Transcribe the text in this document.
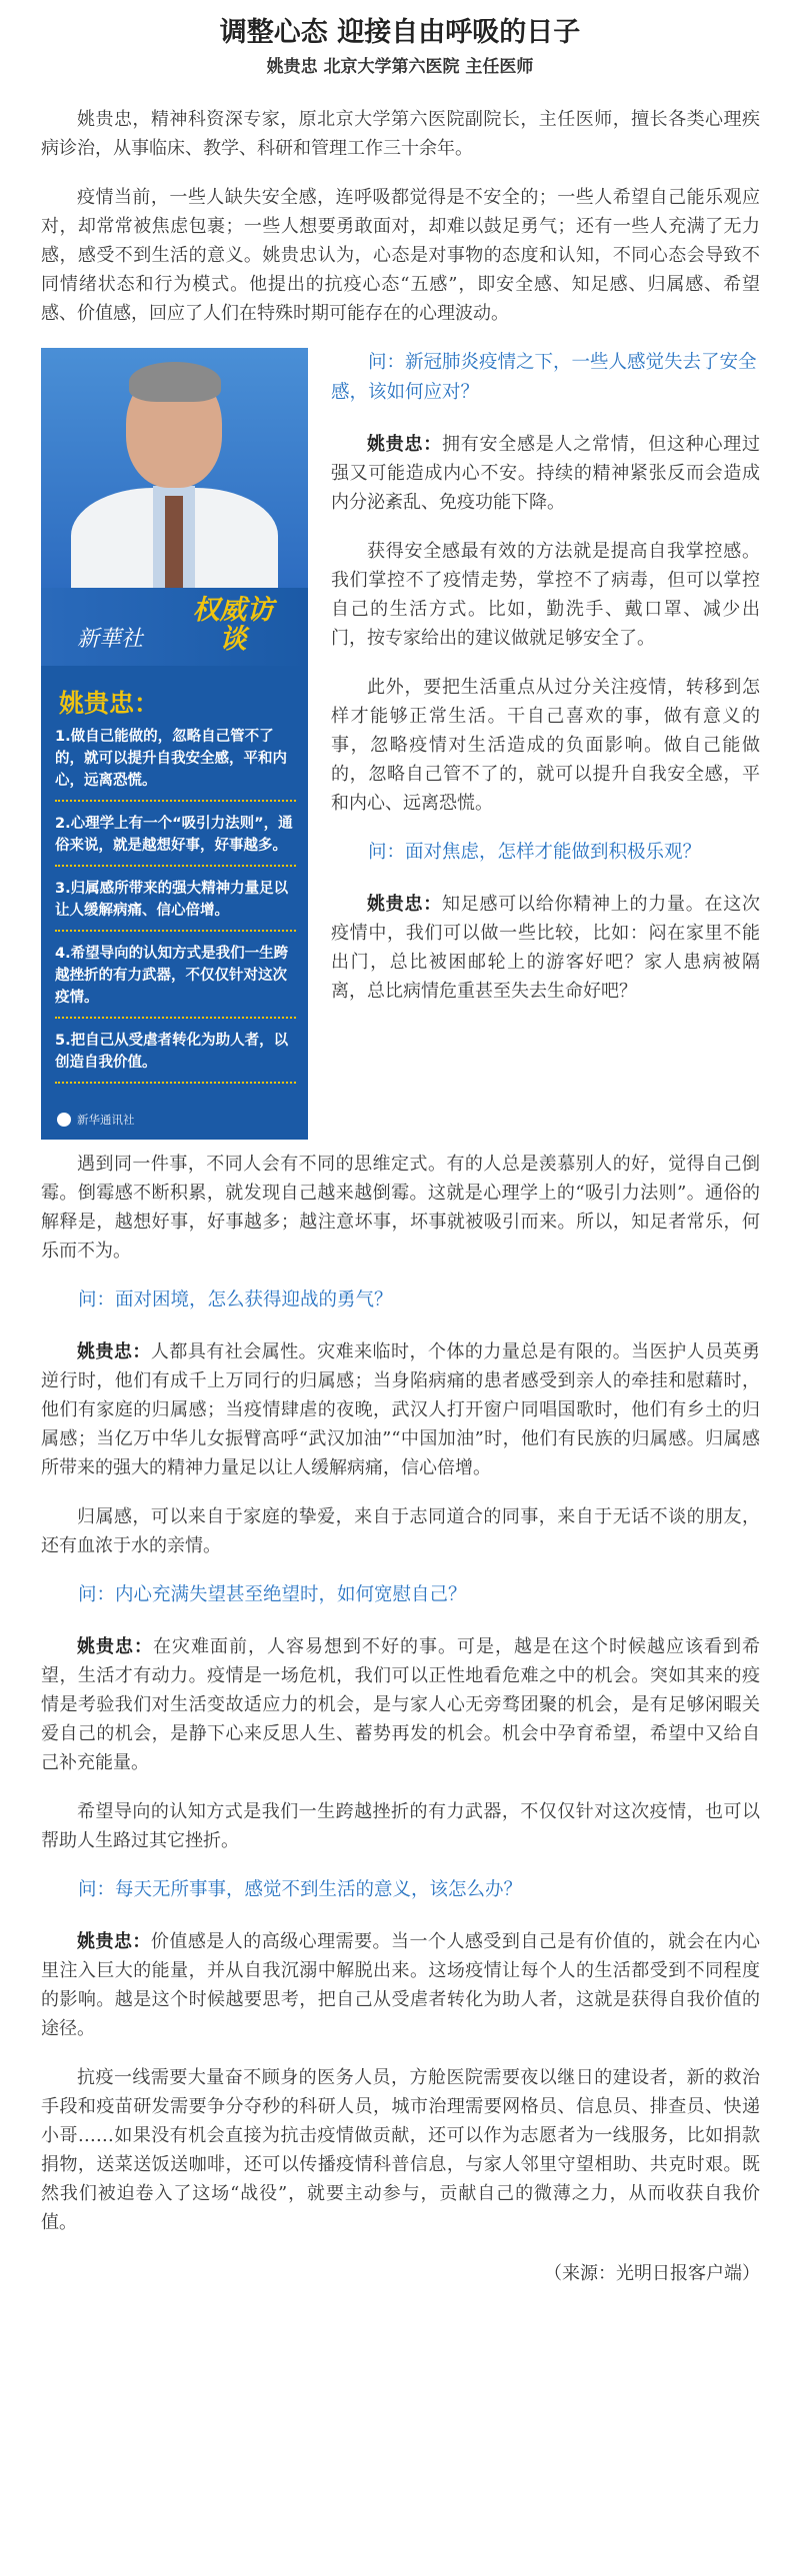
调整心态 迎接自由呼吸的日子
姚贵忠 北京大学第六医院 主任医师

姚贵忠，精神科资深专家，原北京大学第六医院副院长，主任医师，擅长各类心理疾病诊治，从事临床、教学、科研和管理工作三十余年。

疫情当前，一些人缺失安全感，连呼吸都觉得是不安全的；一些人希望自己能乐观应对，却常常被焦虑包裹；一些人想要勇敢面对，却难以鼓足勇气；还有一些人充满了无力感，感受不到生活的意义。姚贵忠认为，心态是对事物的态度和认知，不同心态会导致不同情绪状态和行为模式。他提出的抗疫心态“五感”，即安全感、知足感、归属感、希望感、价值感，回应了人们在特殊时期可能存在的心理波动。

新華社
权威访谈
姚贵忠：
1.做自己能做的，忽略自己管不了的，就可以提升自我安全感，平和内心，远离恐慌。
2.心理学上有一个“吸引力法则”，通俗来说，就是越想好事，好事越多。
3.归属感所带来的强大精神力量足以让人缓解病痛、信心倍增。
4.希望导向的认知方式是我们一生跨越挫折的有力武器，不仅仅针对这次疫情。
5.把自己从受虐者转化为助人者，以创造自我价值。
新华通讯社
问：新冠肺炎疫情之下，一些人感觉失去了安全感，该如何应对？

姚贵忠：拥有安全感是人之常情，但这种心理过强又可能造成内心不安。持续的精神紧张反而会造成内分泌紊乱、免疫功能下降。

获得安全感最有效的方法就是提高自我掌控感。我们掌控不了疫情走势，掌控不了病毒，但可以掌控自己的生活方式。比如，勤洗手、戴口罩、减少出门，按专家给出的建议做就足够安全了。

此外，要把生活重点从过分关注疫情，转移到怎样才能够正常生活。干自己喜欢的事，做有意义的事，忽略疫情对生活造成的负面影响。做自己能做的，忽略自己管不了的，就可以提升自我安全感，平和内心、远离恐慌。

问：面对焦虑，怎样才能做到积极乐观？

姚贵忠：知足感可以给你精神上的力量。在这次疫情中，我们可以做一些比较，比如：闷在家里不能出门，总比被困邮轮上的游客好吧？家人患病被隔离，总比病情危重甚至失去生命好吧？

遇到同一件事，不同人会有不同的思维定式。有的人总是羡慕别人的好，觉得自己倒霉。倒霉感不断积累，就发现自己越来越倒霉。这就是心理学上的“吸引力法则”。通俗的解释是，越想好事，好事越多；越注意坏事，坏事就被吸引而来。所以，知足者常乐，何乐而不为。

问：面对困境，怎么获得迎战的勇气？

姚贵忠：人都具有社会属性。灾难来临时，个体的力量总是有限的。当医护人员英勇逆行时，他们有成千上万同行的归属感；当身陷病痛的患者感受到亲人的牵挂和慰藉时，他们有家庭的归属感；当疫情肆虐的夜晚，武汉人打开窗户同唱国歌时，他们有乡土的归属感；当亿万中华儿女振臂高呼“武汉加油”“中国加油”时，他们有民族的归属感。归属感所带来的强大的精神力量足以让人缓解病痛，信心倍增。

归属感，可以来自于家庭的挚爱，来自于志同道合的同事，来自于无话不谈的朋友，还有血浓于水的亲情。

问：内心充满失望甚至绝望时，如何宽慰自己？

姚贵忠：在灾难面前，人容易想到不好的事。可是，越是在这个时候越应该看到希望，生活才有动力。疫情是一场危机，我们可以正性地看危难之中的机会。突如其来的疫情是考验我们对生活变故适应力的机会，是与家人心无旁骛团聚的机会，是有足够闲暇关爱自己的机会，是静下心来反思人生、蓄势再发的机会。机会中孕育希望，希望中又给自己补充能量。

希望导向的认知方式是我们一生跨越挫折的有力武器，不仅仅针对这次疫情，也可以帮助人生路过其它挫折。

问：每天无所事事，感觉不到生活的意义，该怎么办？

姚贵忠：价值感是人的高级心理需要。当一个人感受到自己是有价值的，就会在内心里注入巨大的能量，并从自我沉溺中解脱出来。这场疫情让每个人的生活都受到不同程度的影响。越是这个时候越要思考，把自己从受虐者转化为助人者，这就是获得自我价值的途径。

抗疫一线需要大量奋不顾身的医务人员，方舱医院需要夜以继日的建设者，新的救治手段和疫苗研发需要争分夺秒的科研人员，城市治理需要网格员、信息员、排查员、快递小哥……如果没有机会直接为抗击疫情做贡献，还可以作为志愿者为一线服务，比如捐款捐物，送菜送饭送咖啡，还可以传播疫情科普信息，与家人邻里守望相助、共克时艰。既然我们被迫卷入了这场“战役”，就要主动参与，贡献自己的微薄之力，从而收获自我价值。

（来源：光明日报客户端）
